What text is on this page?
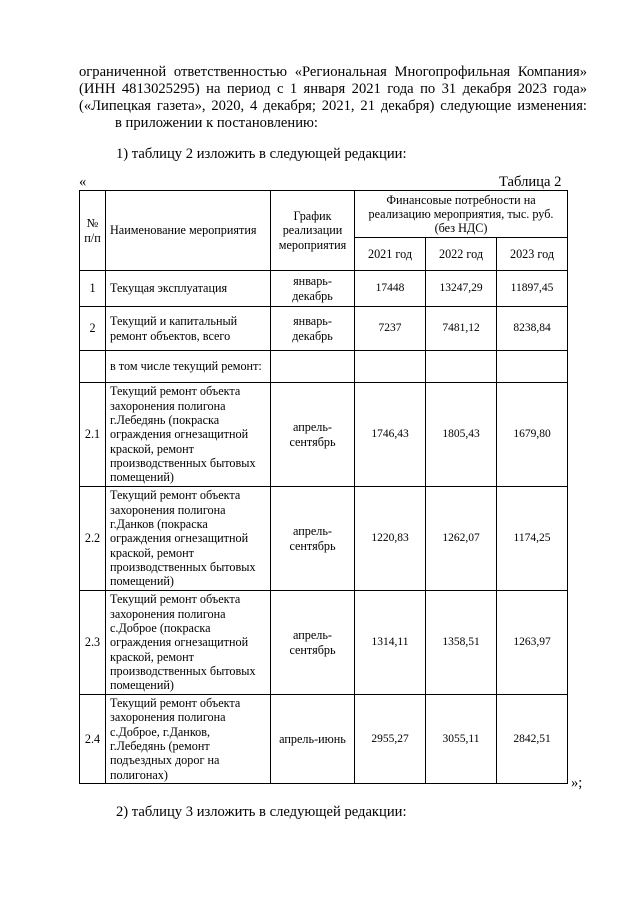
ограниченной ответственностью «Региональная Многопрофильная Компания»
(ИНН 4813025295) на период с 1 января 2021 года по 31 декабря 2023 года»
(«Липецкая газета», 2020, 4 декабря; 2021, 21 декабря) следующие изменения:
в приложении к постановлению:
1) таблицу 2 изложить в следующей редакции:
«	Таблица 2
№ п/п	Наименование мероприятия	График реализации мероприятия	Финансовые потребности на реализацию мероприятия, тыс. руб. (без НДС)		
			2021 год	2022 год	2023 год
1	Текущая эксплуатация	январь-декабрь	17448	13247,29	11897,45
2	Текущий и капитальный ремонт объектов, всего	январь-декабрь	7237	7481,12	8238,84
	в том числе текущий ремонт:				
2.1	Текущий ремонт объекта захоронения полигона г.Лебедянь (покраска ограждения огнезащитной краской, ремонт производственных бытовых помещений)	апрель-сентябрь	1746,43	1805,43	1679,80
2.2	Текущий ремонт объекта захоронения полигона г.Данков (покраска ограждения огнезащитной краской, ремонт производственных бытовых помещений)	апрель-сентябрь	1220,83	1262,07	1174,25
2.3	Текущий ремонт объекта захоронения полигона с.Доброе (покраска ограждения огнезащитной краской, ремонт производственных бытовых помещений)	апрель-сентябрь	1314,11	1358,51	1263,97
2.4	Текущий ремонт объекта захоронения полигона с.Доброе, г.Данков, г.Лебедянь (ремонт подъездных дорог на полигонах)	апрель-июнь	2955,27	3055,11	2842,51
»;
2) таблицу 3 изложить в следующей редакции:
